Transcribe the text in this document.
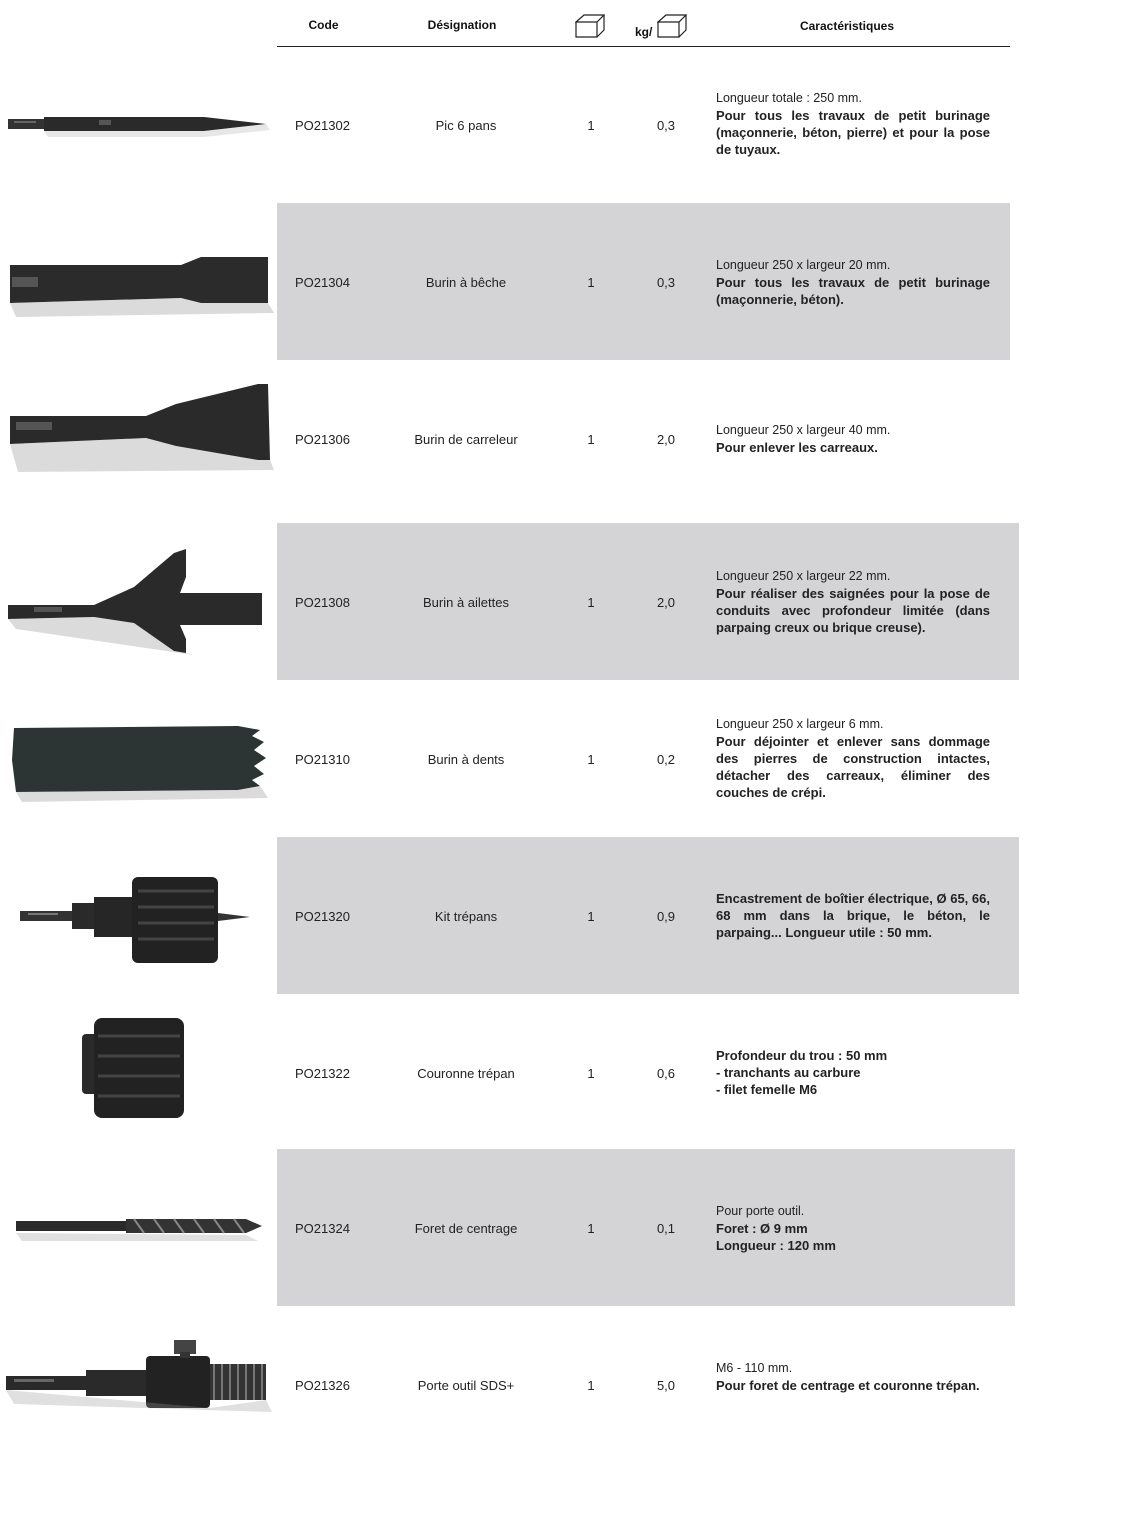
Code	Désignation	kg/	Caractéristiques
PO21302	Pic 6 pans	1	0,3
Longueur totale : 250 mm.
Pour tous les travaux de petit burinage (maçonnerie, béton, pierre) et pour la pose de tuyaux.
PO21304	Burin à bêche	1	0,3
Longueur 250 x largeur 20 mm.
Pour tous les travaux de petit burinage (maçonnerie, béton).
PO21306	Burin de carreleur	1	2,0
Longueur 250 x largeur 40 mm.
Pour enlever les carreaux.
PO21308	Burin à ailettes	1	2,0
Longueur 250 x largeur 22 mm.
Pour réaliser des saignées pour la pose de conduits avec profondeur limitée (dans parpaing creux ou brique creuse).
PO21310	Burin à dents	1	0,2
Longueur 250 x largeur 6 mm.
Pour déjointer et enlever sans dommage des pierres de construction intactes, détacher des carreaux, éliminer des couches de crépi.
PO21320	Kit trépans	1	0,9
Encastrement de boîtier électrique, Ø 65, 66, 68 mm dans la brique, le béton, le parpaing... Longueur utile : 50 mm.
PO21322	Couronne trépan	1	0,6
Profondeur du trou : 50 mm
- tranchants au carbure
- filet femelle M6
PO21324	Foret de centrage	1	0,1
Pour porte outil.
Foret : Ø 9 mm
Longueur : 120 mm
PO21326	Porte outil SDS+	1	5,0
M6 - 110 mm.
Pour foret de centrage et couronne trépan.
